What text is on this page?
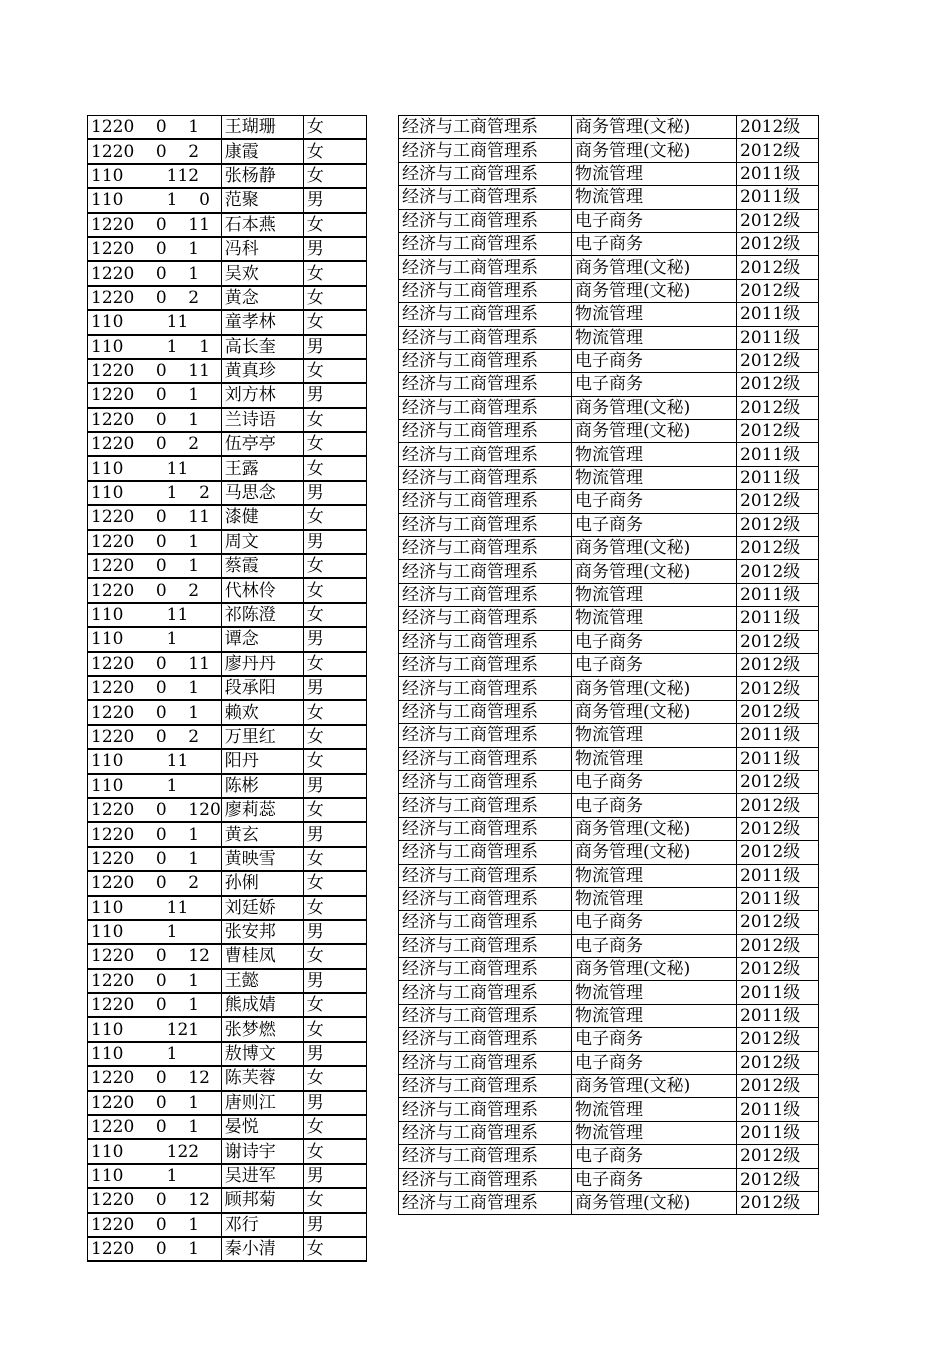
1220    0    1	王瑚珊	女
1220    0    2	康霞	女
110        112	张杨静	女
110        1    0	范聚	男
1220    0    11	石本燕	女
1220    0    1	冯科	男
1220    0    1	吴欢	女
1220    0    2	黄念	女
110        11	童孝林	女
110        1    1	高长奎	男
1220    0    11	黄真珍	女
1220    0    1	刘方林	男
1220    0    1	兰诗语	女
1220    0    2	伍亭亭	女
110        11	王露	女
110        1    2	马思念	男
1220    0    11	漆健	女
1220    0    1	周文	男
1220    0    1	蔡霞	女
1220    0    2	代林伶	女
110        11	祁陈澄	女
110        1	谭念	男
1220    0    11	廖丹丹	女
1220    0    1	段承阳	男
1220    0    1	赖欢	女
1220    0    2	万里红	女
110        11	阳丹	女
110        1	陈彬	男
1220    0    120	廖莉蕊	女
1220    0    1	黄玄	男
1220    0    1	黄映雪	女
1220    0    2	孙俐	女
110        11	刘廷娇	女
110        1	张安邦	男
1220    0    12	曹桂凤	女
1220    0    1	王懿	男
1220    0    1	熊成婧	女
110        121	张梦燃	女
110        1	敖博文	男
1220    0    12	陈芙蓉	女
1220    0    1	唐则江	男
1220    0    1	晏悦	女
110        122	谢诗宇	女
110        1	吴进军	男
1220    0    12	顾邦菊	女
1220    0    1	邓行	男
1220    0    1	秦小清	女
经济与工商管理系	商务管理(文秘)	2012级
经济与工商管理系	商务管理(文秘)	2012级
经济与工商管理系	物流管理	2011级
经济与工商管理系	物流管理	2011级
经济与工商管理系	电子商务	2012级
经济与工商管理系	电子商务	2012级
经济与工商管理系	商务管理(文秘)	2012级
经济与工商管理系	商务管理(文秘)	2012级
经济与工商管理系	物流管理	2011级
经济与工商管理系	物流管理	2011级
经济与工商管理系	电子商务	2012级
经济与工商管理系	电子商务	2012级
经济与工商管理系	商务管理(文秘)	2012级
经济与工商管理系	商务管理(文秘)	2012级
经济与工商管理系	物流管理	2011级
经济与工商管理系	物流管理	2011级
经济与工商管理系	电子商务	2012级
经济与工商管理系	电子商务	2012级
经济与工商管理系	商务管理(文秘)	2012级
经济与工商管理系	商务管理(文秘)	2012级
经济与工商管理系	物流管理	2011级
经济与工商管理系	物流管理	2011级
经济与工商管理系	电子商务	2012级
经济与工商管理系	电子商务	2012级
经济与工商管理系	商务管理(文秘)	2012级
经济与工商管理系	商务管理(文秘)	2012级
经济与工商管理系	物流管理	2011级
经济与工商管理系	物流管理	2011级
经济与工商管理系	电子商务	2012级
经济与工商管理系	电子商务	2012级
经济与工商管理系	商务管理(文秘)	2012级
经济与工商管理系	商务管理(文秘)	2012级
经济与工商管理系	物流管理	2011级
经济与工商管理系	物流管理	2011级
经济与工商管理系	电子商务	2012级
经济与工商管理系	电子商务	2012级
经济与工商管理系	商务管理(文秘)	2012级
经济与工商管理系	物流管理	2011级
经济与工商管理系	物流管理	2011级
经济与工商管理系	电子商务	2012级
经济与工商管理系	电子商务	2012级
经济与工商管理系	商务管理(文秘)	2012级
经济与工商管理系	物流管理	2011级
经济与工商管理系	物流管理	2011级
经济与工商管理系	电子商务	2012级
经济与工商管理系	电子商务	2012级
经济与工商管理系	商务管理(文秘)	2012级
